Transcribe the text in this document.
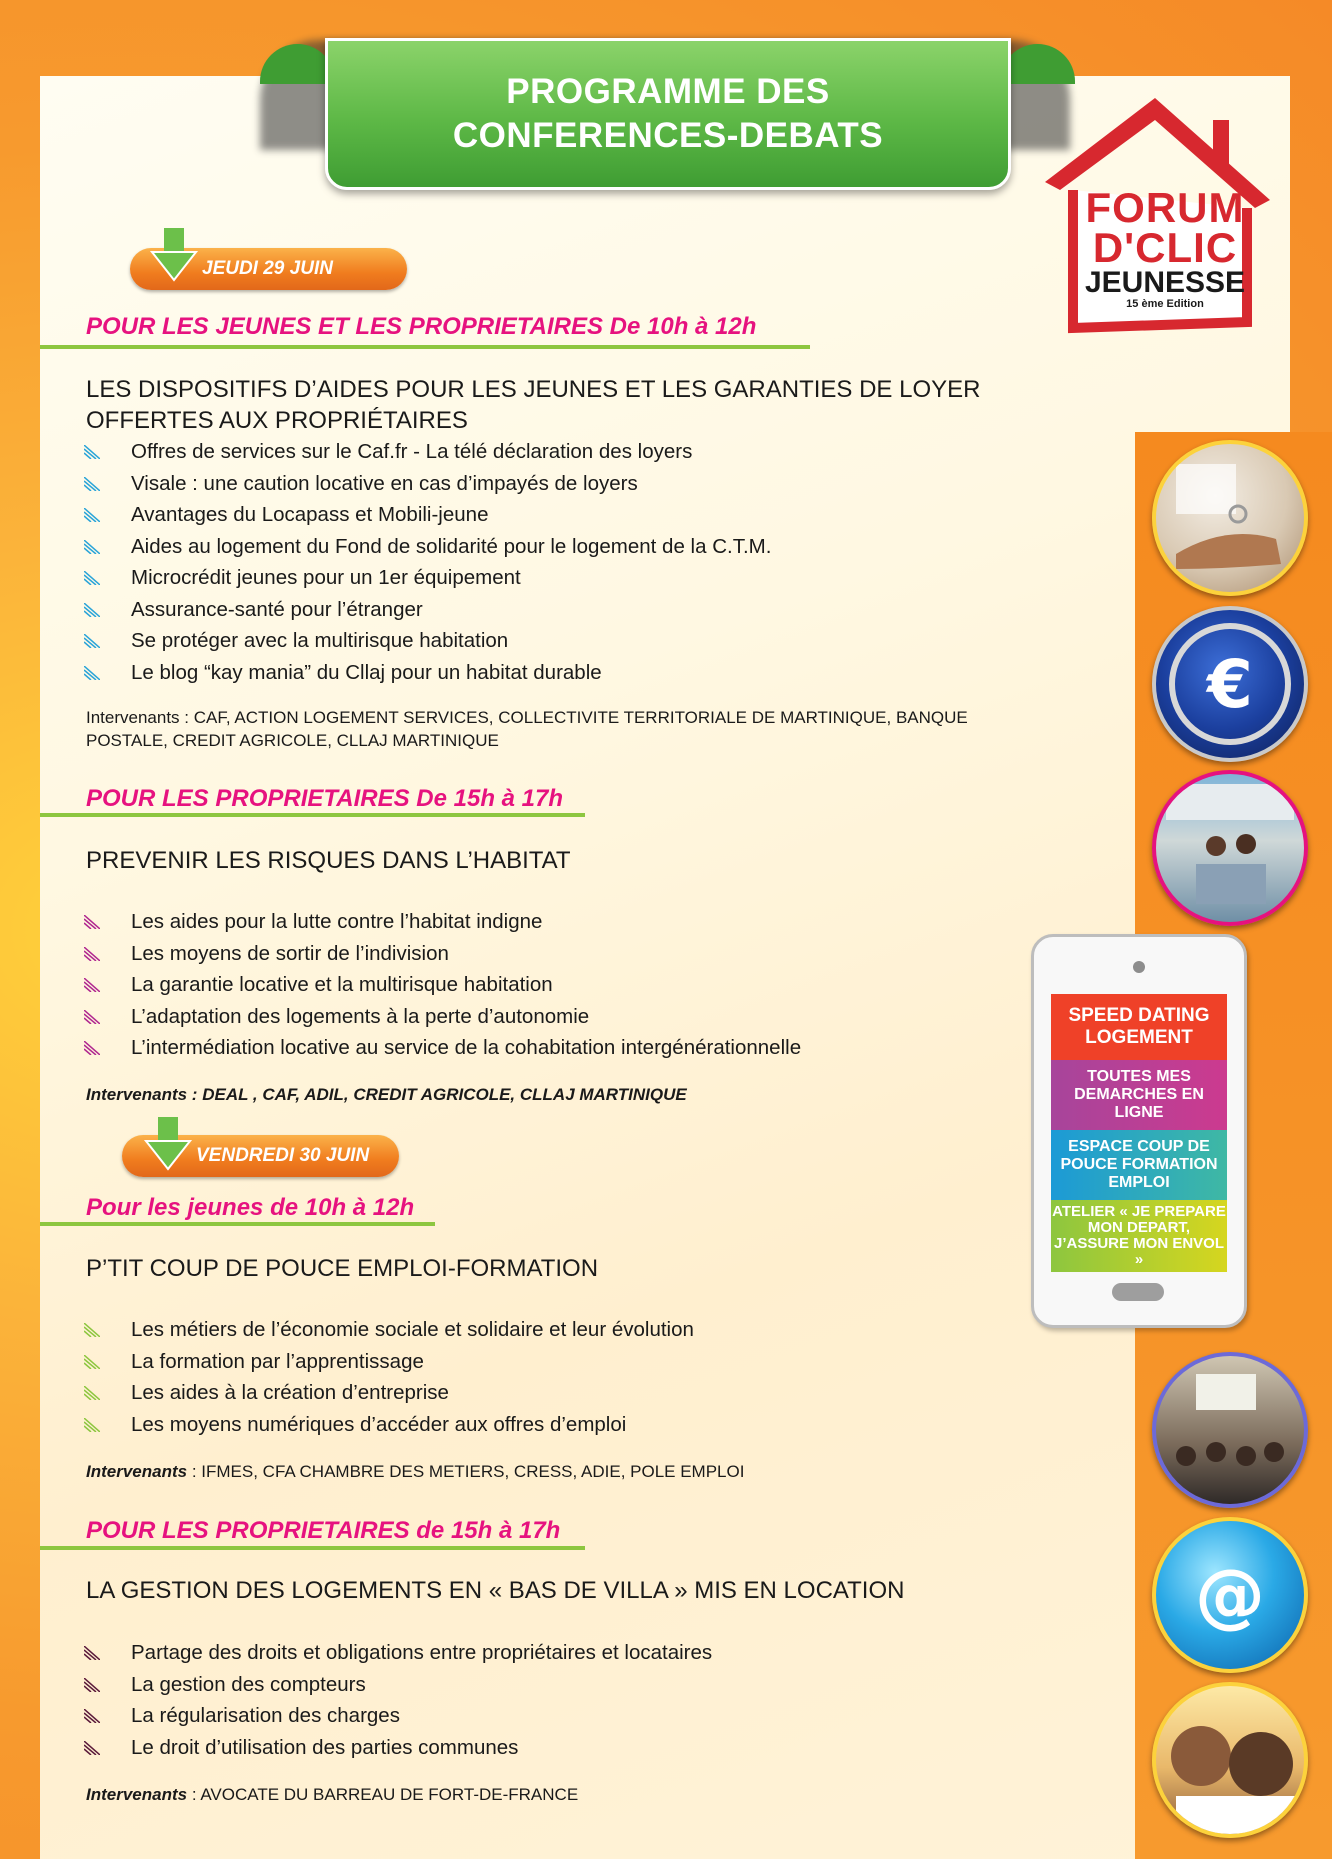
PROGRAMME DES
CONFERENCES-DEBATS
FORUM
D'CLIC
JEUNESSE
15 ème Edition
JEUDI 29 JUIN
POUR LES JEUNES ET LES PROPRIETAIRES De 10h à 12h
LES DISPOSITIFS D’AIDES POUR LES JEUNES ET LES GARANTIES DE LOYER OFFERTES AUX PROPRIÉTAIRES
Offres de services sur le Caf.fr - La télé déclaration des loyers
Visale : une caution locative en cas d’impayés de loyers
Avantages du Locapass et Mobili-jeune
Aides au logement du Fond de solidarité pour le logement de la C.T.M.
Microcrédit jeunes pour un 1er équipement
Assurance-santé pour l’étranger
Se protéger avec la multirisque habitation
Le blog “kay mania” du Cllaj pour un habitat durable
Intervenants : CAF, ACTION LOGEMENT SERVICES, COLLECTIVITE TERRITORIALE DE MARTINIQUE, BANQUE POSTALE, CREDIT AGRICOLE, CLLAJ MARTINIQUE
POUR LES PROPRIETAIRES De 15h à 17h
PREVENIR LES RISQUES DANS L’HABITAT
Les aides pour la lutte contre l’habitat indigne
Les moyens de sortir de l’indivision
La garantie locative et la multirisque habitation
L’adaptation des logements à la perte d’autonomie
L’intermédiation locative au service de la cohabitation intergénérationnelle
Intervenants : DEAL , CAF, ADIL, CREDIT AGRICOLE, CLLAJ MARTINIQUE
VENDREDI 30 JUIN
Pour les jeunes de 10h à 12h
P’TIT COUP DE POUCE EMPLOI-FORMATION
Les métiers de l’économie sociale et solidaire et leur évolution
La formation par l’apprentissage
Les aides à la création d’entreprise
Les moyens numériques d’accéder aux offres d’emploi
Intervenants : IFMES, CFA CHAMBRE DES METIERS, CRESS, ADIE, POLE EMPLOI
POUR LES PROPRIETAIRES de 15h à 17h
LA GESTION DES LOGEMENTS EN « BAS DE VILLA » MIS EN LOCATION
Partage des droits et obligations entre propriétaires et locataires
La gestion des compteurs
La régularisation des charges
Le droit d’utilisation des parties communes
Intervenants : AVOCATE DU BARREAU DE FORT-DE-FRANCE
€
@
SPEED DATING LOGEMENT
TOUTES MES DEMARCHES EN LIGNE
ESPACE COUP DE POUCE FORMATION EMPLOI
ATELIER « JE PREPARE MON DEPART, J’ASSURE MON ENVOL »
